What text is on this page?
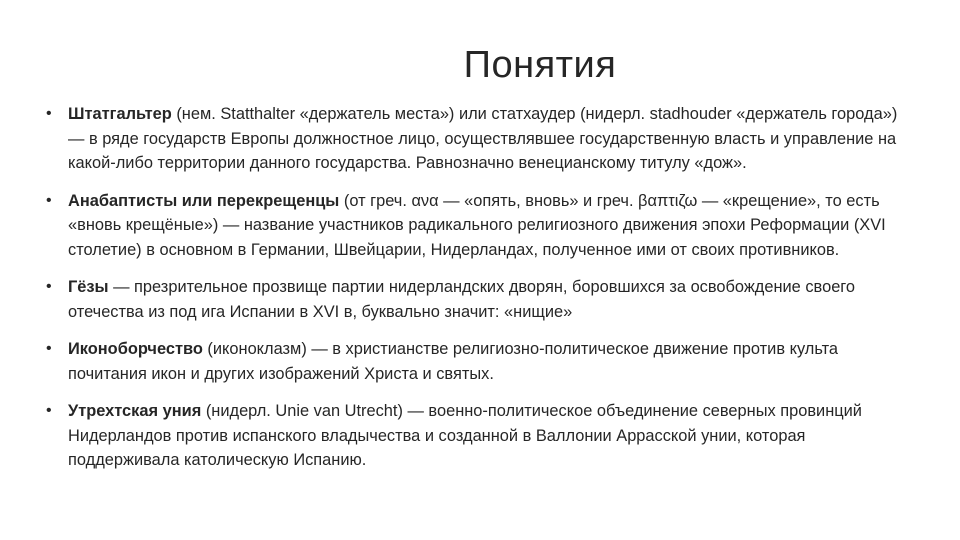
Понятия
• Штатгальтер (нем. Statthalter «держатель места») или статхаудер (нидерл. stadhouder «держатель города») — в ряде государств Европы должностное лицо, осуществлявшее государственную власть и управление на какой-либо территории данного государства. Равнозначно венецианскому титулу «дож».
• Анабаптисты или перекрещенцы (от греч. ανα — «опять, вновь» и греч. βαπτιζω — «крещение», то есть «вновь крещёные») — название участников радикального религиозного движения эпохи Реформации (XVI столетие) в основном в Германии, Швейцарии, Нидерландах, полученное ими от своих противников.
• Гёзы — презрительное прозвище партии нидерландских дворян, боровшихся за освобождение своего отечества из под ига Испании в XVI в, буквально значит: «нищие»
• Иконоборчество (иконоклазм) — в христианстве религиозно-политическое движение против культа почитания икон и других изображений Христа и святых.
• Утрехтская уния (нидерл. Unie van Utrecht) — военно-политическое объединение северных провинций Нидерландов против испанского владычества и созданной в Валлонии Аррасской унии, которая поддерживала католическую Испанию.
